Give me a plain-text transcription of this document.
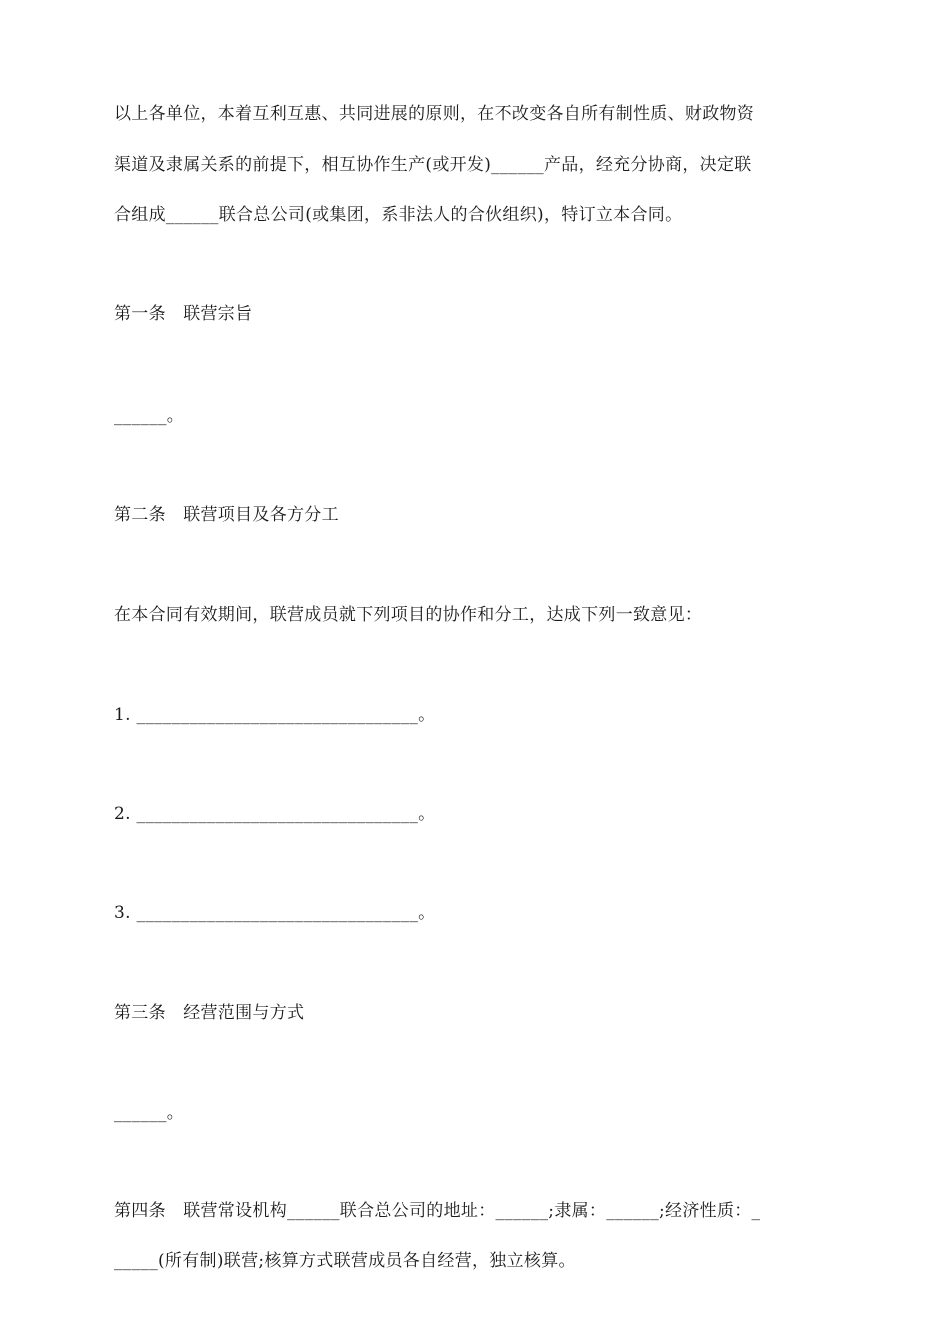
以上各单位，本着互利互惠、共同进展的原则，在不改变各自所有制性质、财政物资
渠道及隶属关系的前提下，相互协作生产(或开发)______产品，经充分协商，决定联
合组成______联合总公司(或集团，系非法人的合伙组织)，特订立本合同。
第一条　联营宗旨
______。
第二条　联营项目及各方分工
在本合同有效期间，联营成员就下列项目的协作和分工，达成下列一致意见：
1. ________________________________。
2. ________________________________。
3. ________________________________。
第三条　经营范围与方式
______。
第四条　联营常设机构______联合总公司的地址：______;隶属：______;经济性质：_
_____(所有制)联营;核算方式联营成员各自经营，独立核算。
